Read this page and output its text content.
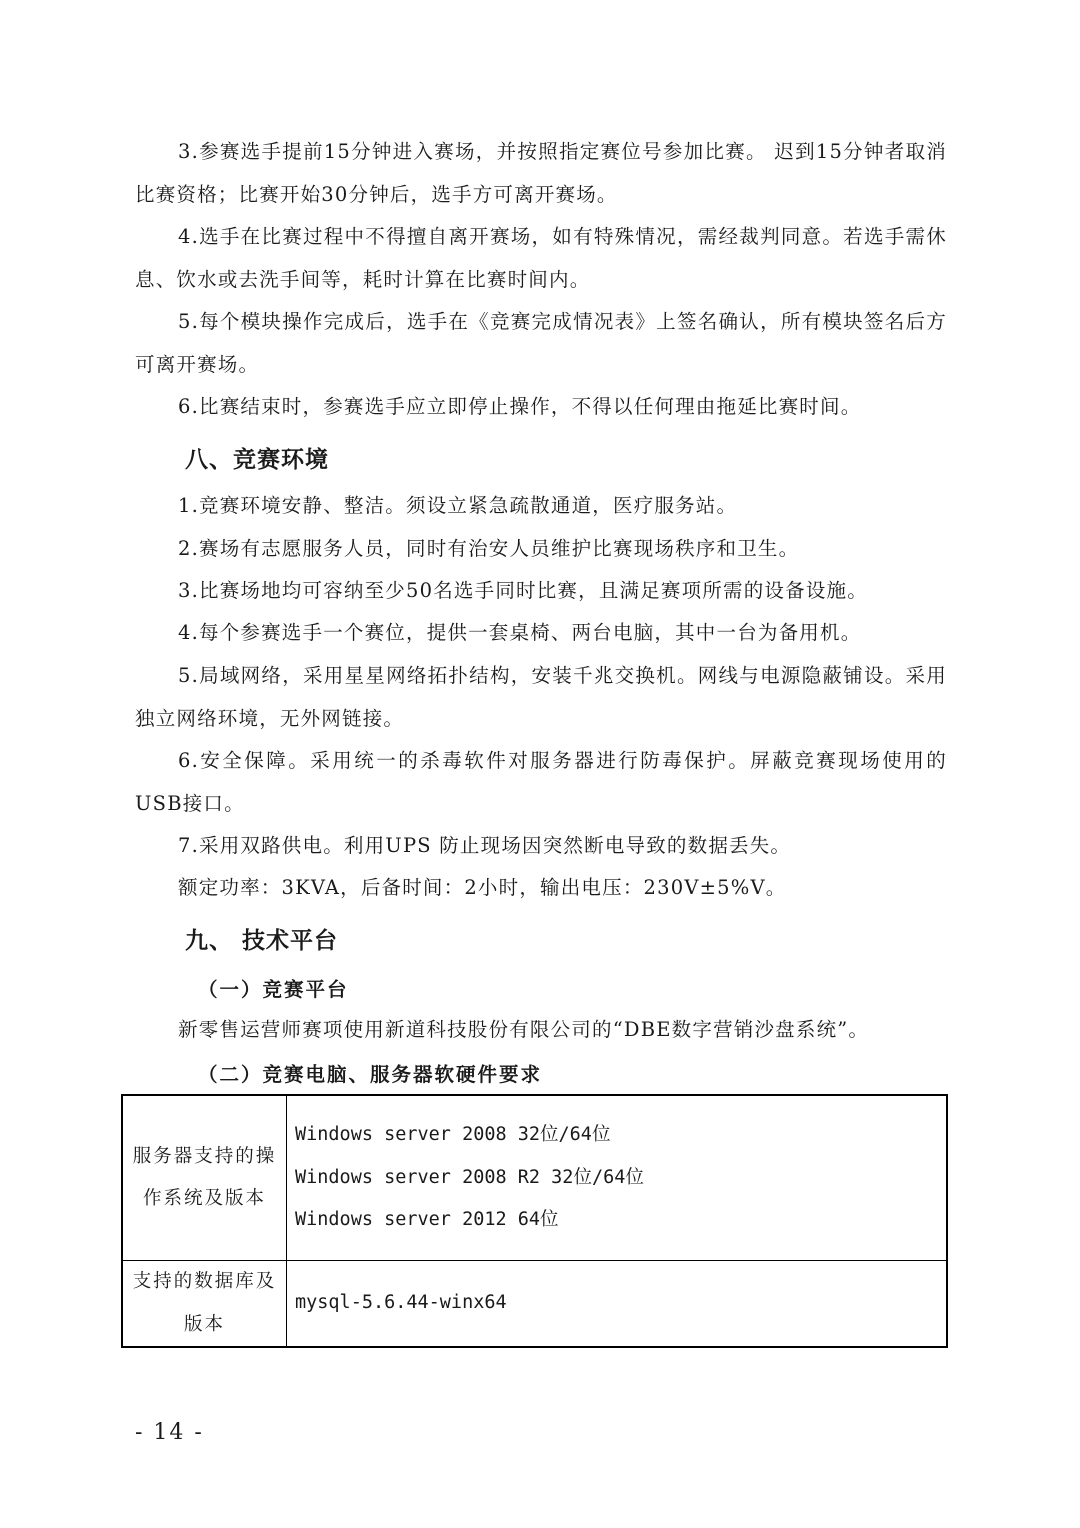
3.参赛选手提前15分钟进入赛场，并按照指定赛位号参加比赛。 迟到15分钟者取消比赛资格；比赛开始30分钟后，选手方可离开赛场。
4.选手在比赛过程中不得擅自离开赛场，如有特殊情况，需经裁判同意。若选手需休息、饮水或去洗手间等，耗时计算在比赛时间内。
5.每个模块操作完成后，选手在《竞赛完成情况表》上签名确认，所有模块签名后方可离开赛场。
6.比赛结束时，参赛选手应立即停止操作，不得以任何理由拖延比赛时间。
八、竞赛环境
1.竞赛环境安静、整洁。须设立紧急疏散通道，医疗服务站。
2.赛场有志愿服务人员，同时有治安人员维护比赛现场秩序和卫生。
3.比赛场地均可容纳至少50名选手同时比赛，且满足赛项所需的设备设施。
4.每个参赛选手一个赛位，提供一套桌椅、两台电脑，其中一台为备用机。
5.局域网络，采用星星网络拓扑结构，安装千兆交换机。网线与电源隐蔽铺设。采用独立网络环境，无外网链接。
6.安全保障。采用统一的杀毒软件对服务器进行防毒保护。屏蔽竞赛现场使用的USB接口。
7.采用双路供电。利用UPS 防止现场因突然断电导致的数据丢失。
额定功率：3KVA，后备时间：2小时，输出电压：230V±5%V。
九、 技术平台
（一）竞赛平台
新零售运营师赛项使用新道科技股份有限公司的“DBE数字营销沙盘系统”。
（二）竞赛电脑、服务器软硬件要求
服务器支持的操作系统及版本	Windows server 2008 32位/64位
Windows server 2008 R2 32位/64位
Windows server 2012 64位

支持的数据库及版本	mysql-5.6.44-winx64
- 14 -
